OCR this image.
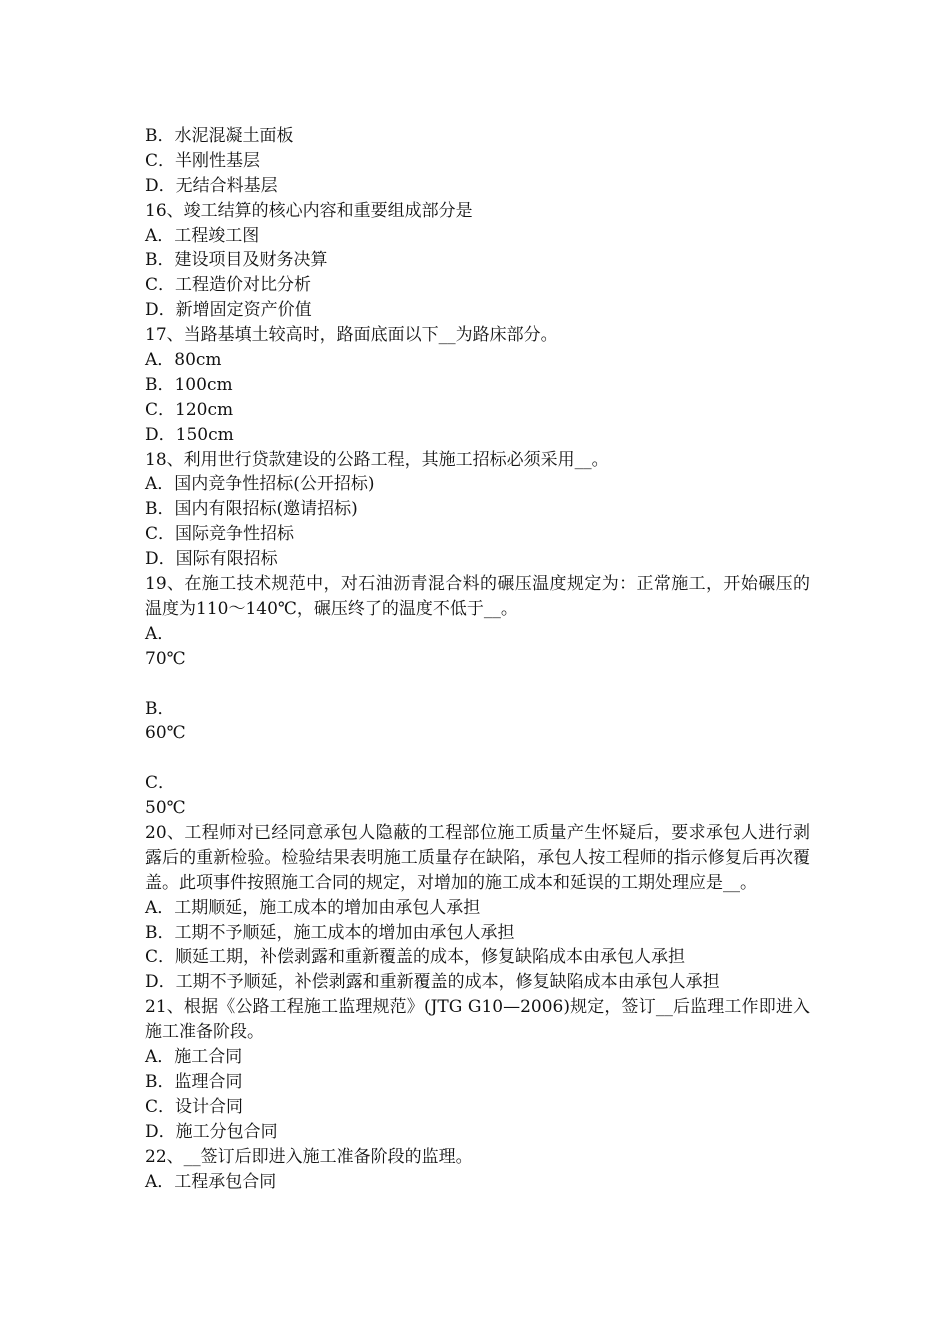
B．水泥混凝土面板
C．半刚性基层
D．无结合料基层
16、竣工结算的核心内容和重要组成部分是
A．工程竣工图
B．建设项目及财务决算
C．工程造价对比分析
D．新增固定资产价值
17、当路基填土较高时，路面底面以下__为路床部分。
A．80cm
B．100cm
C．120cm
D．150cm
18、利用世行贷款建设的公路工程，其施工招标必须采用__。
A．国内竞争性招标(公开招标)
B．国内有限招标(邀请招标)
C．国际竞争性招标
D．国际有限招标
19、在施工技术规范中，对石油沥青混合料的碾压温度规定为：正常施工，开始碾压的温度为110～140℃，碾压终了的温度不低于__。
A．
70℃
B．
60℃
C．
50℃
20、工程师对已经同意承包人隐蔽的工程部位施工质量产生怀疑后，要求承包人进行剥露后的重新检验。检验结果表明施工质量存在缺陷，承包人按工程师的指示修复后再次覆盖。此项事件按照施工合同的规定，对增加的施工成本和延误的工期处理应是__。
A．工期顺延，施工成本的增加由承包人承担
B．工期不予顺延，施工成本的增加由承包人承担
C．顺延工期，补偿剥露和重新覆盖的成本，修复缺陷成本由承包人承担
D．工期不予顺延，补偿剥露和重新覆盖的成本，修复缺陷成本由承包人承担
21、根据《公路工程施工监理规范》(JTG G10—2006)规定，签订__后监理工作即进入施工准备阶段。
A．施工合同
B．监理合同
C．设计合同
D．施工分包合同
22、__签订后即进入施工准备阶段的监理。
A．工程承包合同
